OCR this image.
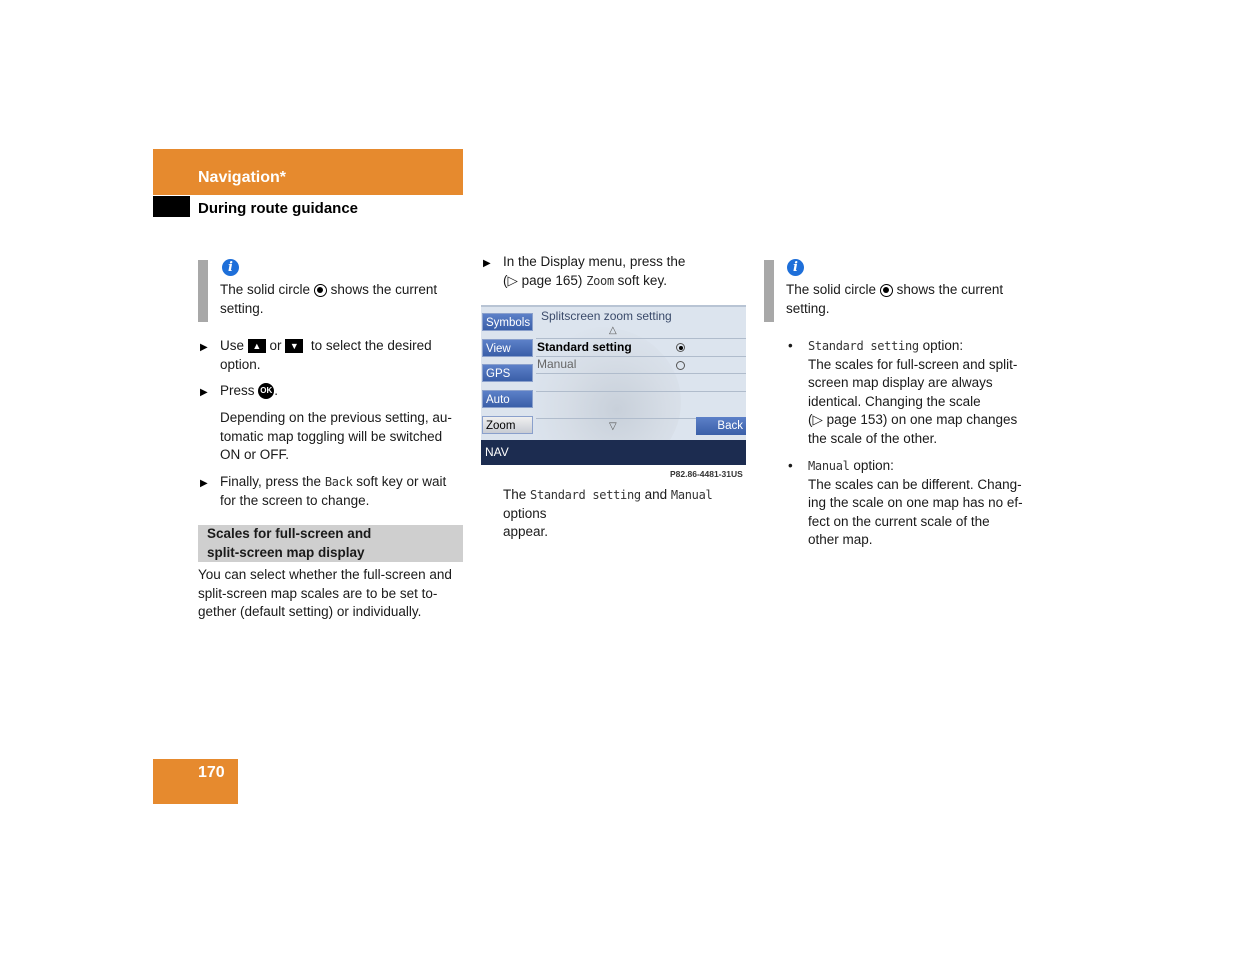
Navigation*
During route guidance
i
The solid circle shows the current
setting.
▶ Use ▲ or ▼ to select the desired
option.
▶ Press OK .
Depending on the previous setting, au-
tomatic map toggling will be switched
ON or OFF.
▶ Finally, press the Back soft key or wait
for the screen to change.
Scales for full-screen and
split-screen map display
You can select whether the full-screen and
split-screen map scales are to be set to-
gether (default setting) or individually.
▶ In the Display menu, press the
(▷ page 165) Zoom soft key.
Splitscreen zoom setting
△
Standard setting
Manual
▽
Symbols
View
GPS
Auto
Zoom	Back
NAV
P82.86-4481-31US
The Standard setting and Manual options
appear.
i
The solid circle shows the current
setting.
• Standard setting option:
The scales for full-screen and split-
screen map display are always
identical. Changing the scale
(▷ page 153) on one map changes
the scale of the other.
• Manual option:
The scales can be different. Chang-
ing the scale on one map has no ef-
fect on the current scale of the
other map.
170
